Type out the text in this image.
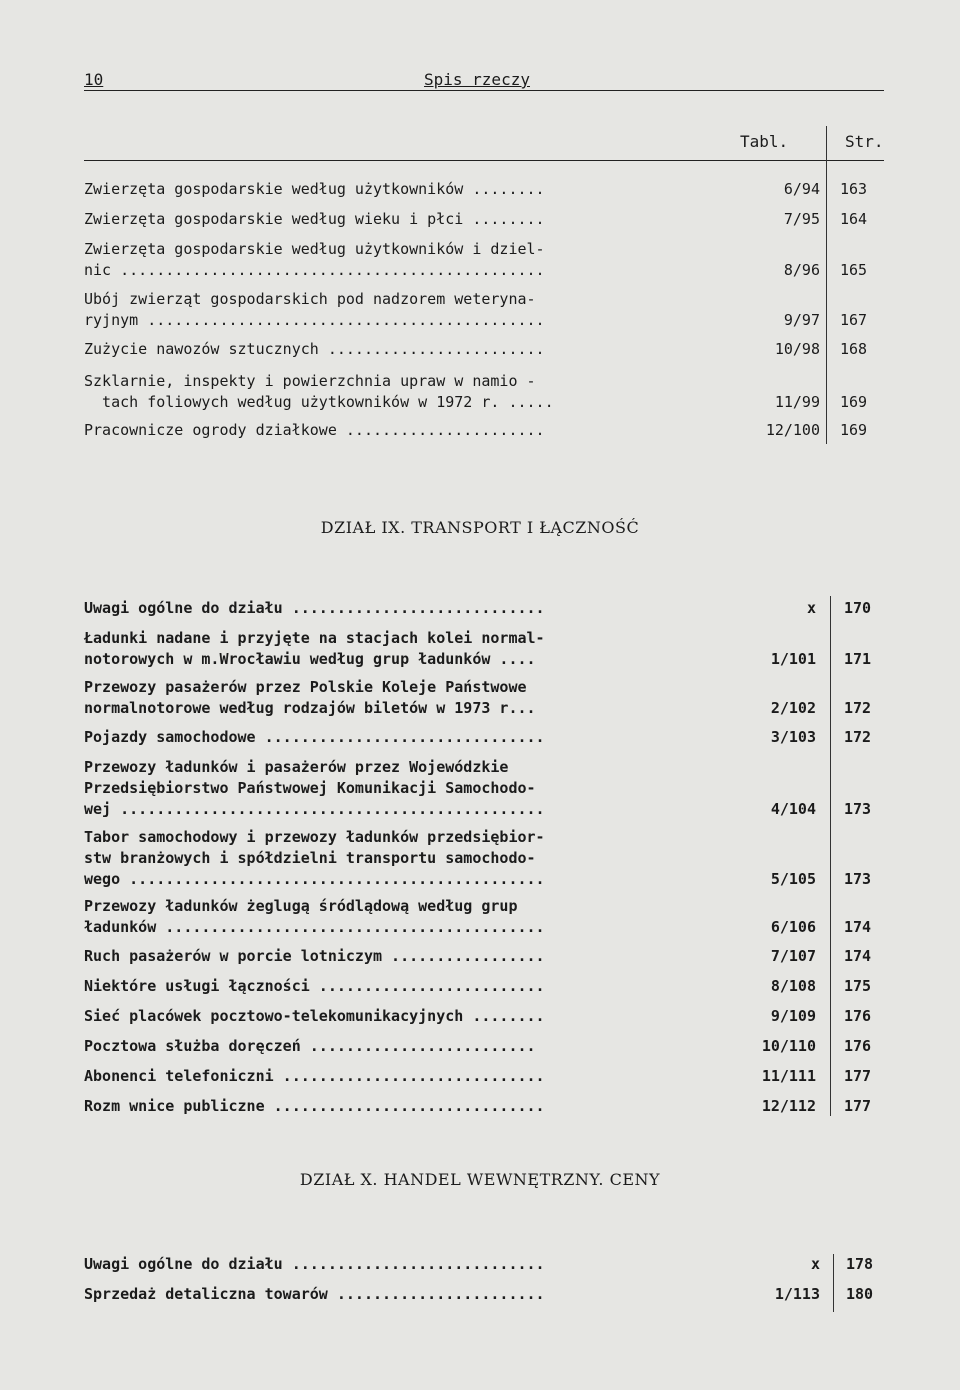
10	Spis rzeczy
Tabl.	Str.
Zwierzęta gospodarskie według użytkowników ........	6/94 163
Zwierzęta gospodarskie według wieku i płci ........	7/95 164
Zwierzęta gospodarskie według użytkowników i dziel-
nic ...............................................	8/96 165
Ubój zwierząt gospodarskich pod nadzorem weteryna-
ryjnym ............................................	9/97 167
Zużycie nawozów sztucznych ........................	10/98 168
Szklarnie, inspekty i powierzchnia upraw w namio -
tach foliowych według użytkowników w 1972 r. .....	11/99 169
Pracownicze ogrody działkowe ......................	12/100 169
DZIAŁ IX. TRANSPORT I ŁĄCZNOŚĆ
Uwagi ogólne do działu ............................	x 170
Ładunki nadane i przyjęte na stacjach kolei normal-
notorowych w m.Wrocławiu według grup ładunków ....	1/101 171
Przewozy pasażerów przez Polskie Koleje Państwowe
normalnotorowe według rodzajów biletów w 1973 r...	2/102 172
Pojazdy samochodowe ...............................	3/103 172
Przewozy ładunków i pasażerów przez Wojewódzkie
Przedsiębiorstwo Państwowej Komunikacji Samochodo-
wej ...............................................	4/104 173
Tabor samochodowy i przewozy ładunków przedsiębior-
stw branżowych i spółdzielni transportu samochodo-
wego ..............................................	5/105 173
Przewozy ładunków żeglugą śródlądową według grup
ładunków ..........................................	6/106 174
Ruch pasażerów w porcie lotniczym .................	7/107 174
Niektóre usługi łączności .........................	8/108 175
Sieć placówek pocztowo-telekomunikacyjnych ........	9/109 176
Pocztowa służba doręczeń .........................	10/110 176
Abonenci telefoniczni .............................	11/111 177
Rozm wnice publiczne ..............................	12/112 177
DZIAŁ X. HANDEL WEWNĘTRZNY. CENY
Uwagi ogólne do działu ............................	x 178
Sprzedaż detaliczna towarów .......................	1/113 180
